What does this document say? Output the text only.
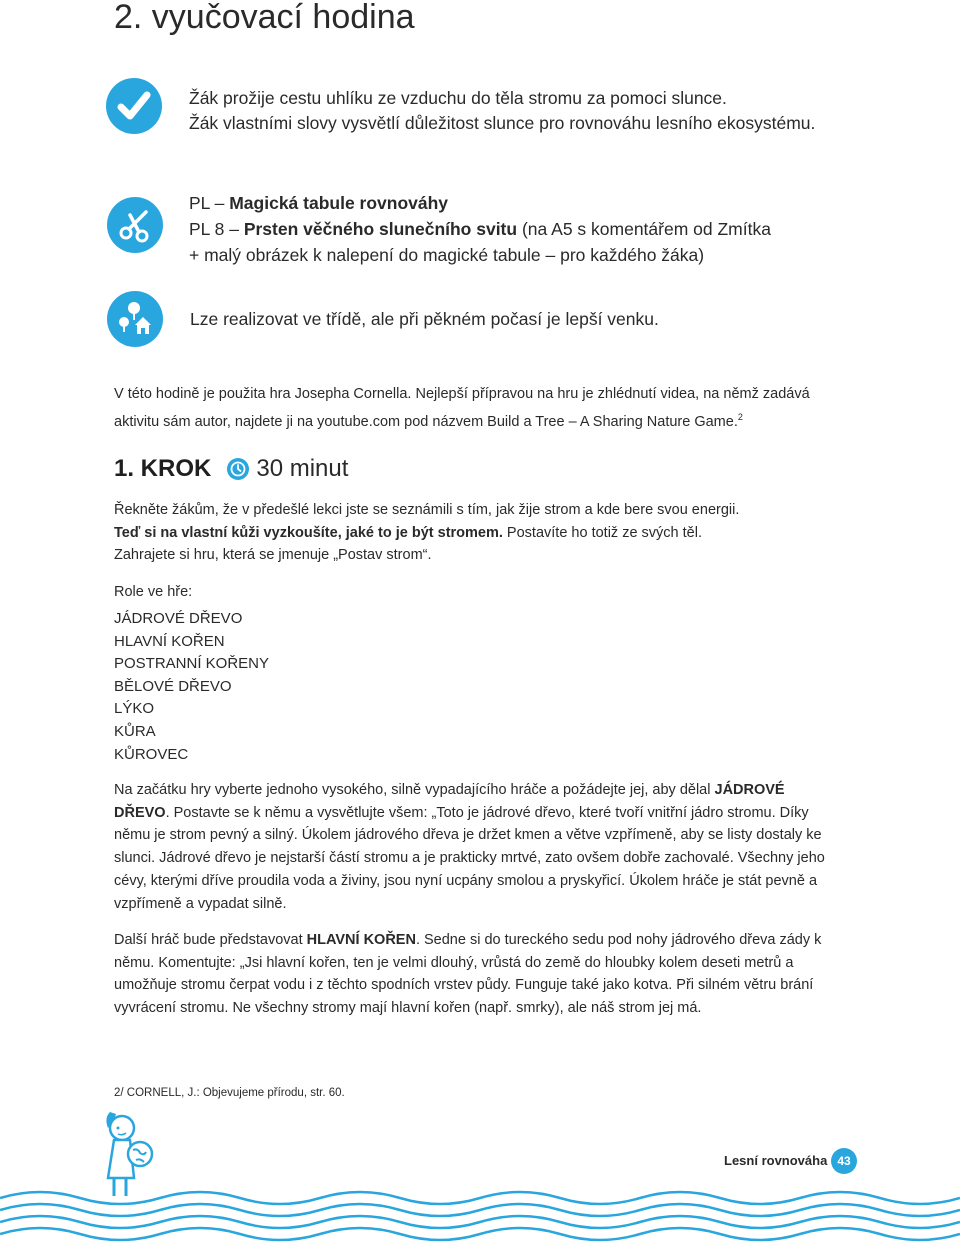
2. vyučovací hodina
Žák prožije cestu uhlíku ze vzduchu do těla stromu za pomoci slunce.
Žák vlastními slovy vysvětlí důležitost slunce pro rovnováhu lesního ekosystému.
PL – Magická tabule rovnováhy
PL 8 – Prsten věčného slunečního svitu (na A5 s komentářem od Zmítka
+ malý obrázek k nalepení do magické tabule – pro každého žáka)
Lze realizovat ve třídě, ale při pěkném počasí je lepší venku.
V této hodině je použita hra Josepha Cornella. Nejlepší přípravou na hru je zhlédnutí videa, na němž zadává aktivitu sám autor, najdete ji na youtube.com pod názvem Build a Tree – A Sharing Nature Game.$^2$
1. KROK 30 minut
Řekněte žákům, že v předešlé lekci jste se seznámili s tím, jak žije strom a kde bere svou energii.
Teď si na vlastní kůži vyzkoušíte, jaké to je být stromem. Postavíte ho totiž ze svých těl.
Zahrajete si hru, která se jmenuje „Postav strom“.
Role ve hře:
JÁDROVÉ DŘEVO
HLAVNÍ KOŘEN
POSTRANNÍ KOŘENY
BĚLOVÉ DŘEVO
LÝKO
KŮRA
KŮROVEC
Na začátku hry vyberte jednoho vysokého, silně vypadajícího hráče a požádejte jej, aby dělal JÁDROVÉ DŘEVO. Postavte se k němu a vysvětlujte všem: „Toto je jádrové dřevo, které tvoří vnitřní jádro stromu. Díky němu je strom pevný a silný. Úkolem jádrového dřeva je držet kmen a větve vzpřímeně, aby se listy dostaly ke slunci. Jádrové dřevo je nejstarší částí stromu a je prakticky mrtvé, zato ovšem dobře zachovalé. Všechny jeho cévy, kterými dříve proudila voda a živiny, jsou nyní ucpány smolou a pryskyřicí. Úkolem hráče je stát pevně a vzpřímeně a vypadat silně.
Další hráč bude představovat HLAVNÍ KOŘEN. Sedne si do tureckého sedu pod nohy jádrového dřeva zády k němu. Komentujte: „Jsi hlavní kořen, ten je velmi dlouhý, vrůstá do země do hloubky kolem deseti metrů a umožňuje stromu čerpat vodu i z těchto spodních vrstev půdy. Funguje také jako kotva. Při silném větru brání vyvrácení stromu. Ne všechny stromy mají hlavní kořen (např. smrky), ale náš strom jej má.
2/ CORNELL, J.: Objevujeme přírodu, str. 60.
Lesní rovnováha 43
